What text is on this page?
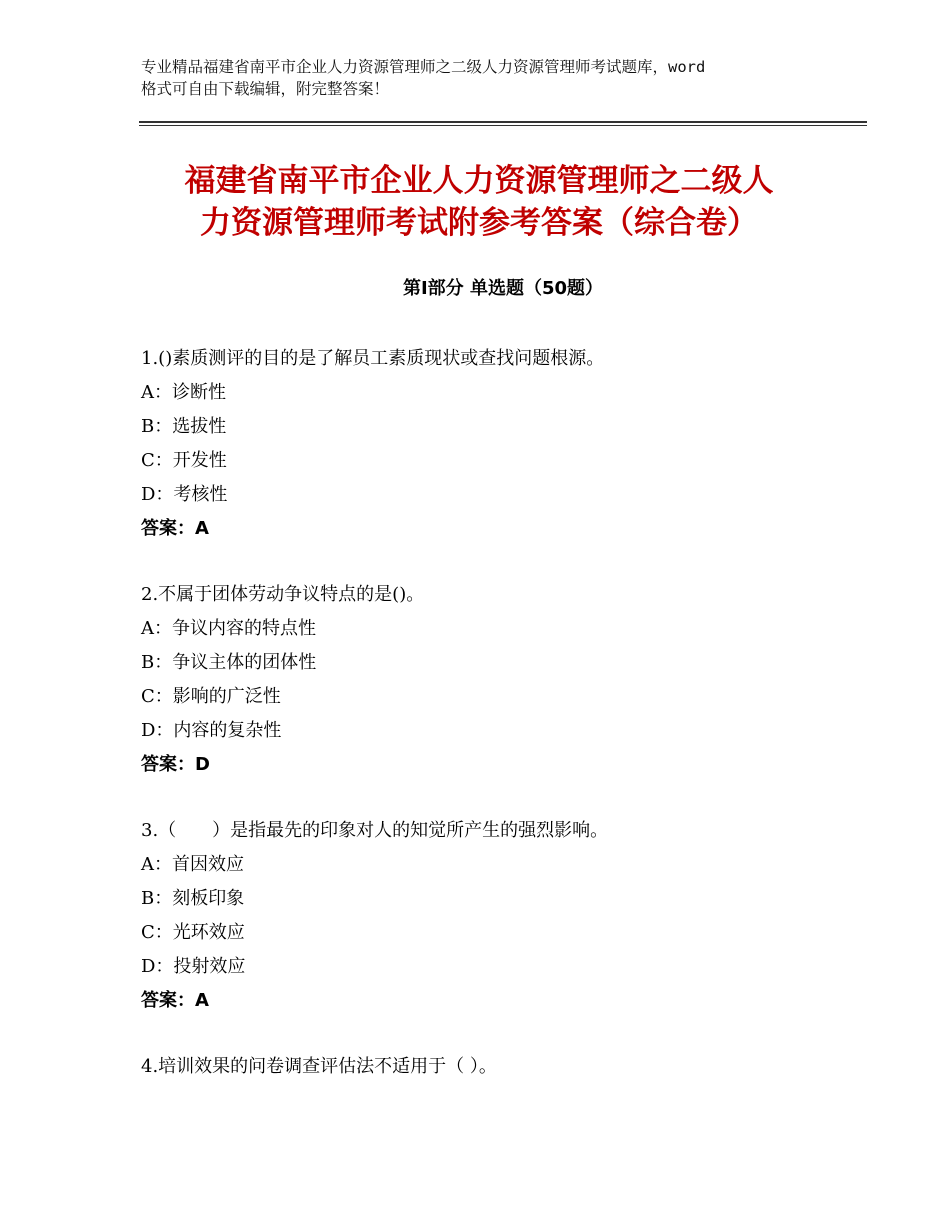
专业精品福建省南平市企业人力资源管理师之二级人力资源管理师考试题库，word
格式可自由下载编辑，附完整答案！
福建省南平市企业人力资源管理师之二级人
力资源管理师考试附参考答案（综合卷）
第Ⅰ部分 单选题（50题）
1.()素质测评的目的是了解员工素质现状或查找问题根源。
A：诊断性
B：选拔性
C：开发性
D：考核性
答案：A
2.不属于团体劳动争议特点的是()。
A：争议内容的特点性
B：争议主体的团体性
C：影响的广泛性
D：内容的复杂性
答案：D
3.（　　）是指最先的印象对人的知觉所产生的强烈影响。
A：首因效应
B：刻板印象
C：光环效应
D：投射效应
答案：A
4.培训效果的问卷调查评估法不适用于（ ）。
